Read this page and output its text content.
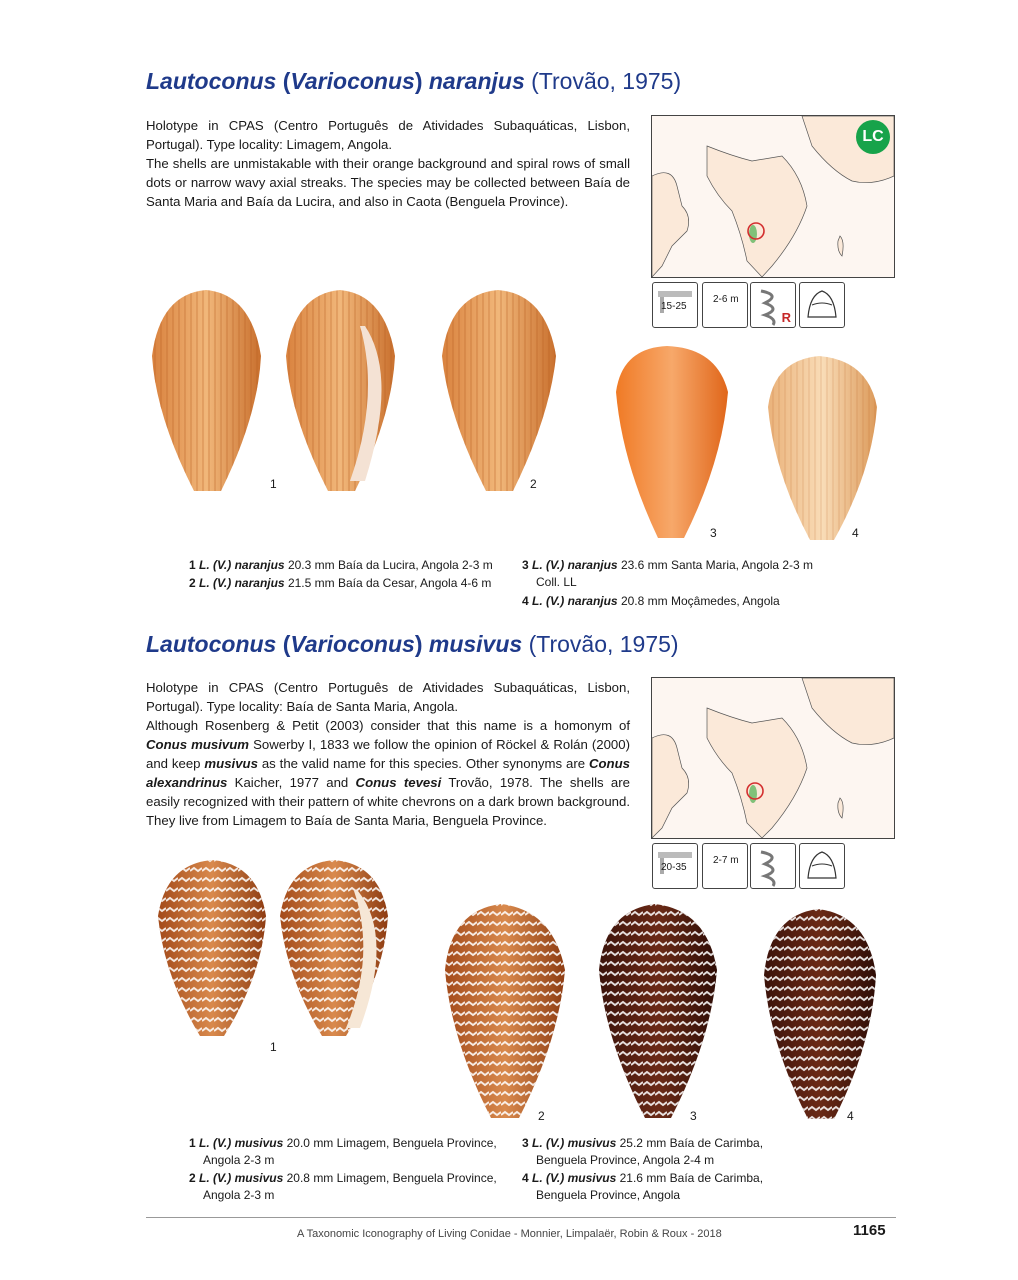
Lautoconus (Varioconus) naranjus (Trovão, 1975)

Holotype in CPAS (Centro Português de Atividades Subaquáticas, Lisbon, Portugal). Type locality: Limagem, Angola.

The shells are unmistakable with their orange background and spiral rows of small dots or narrow wavy axial streaks. The species may be collected between Baía de Santa Maria and Baía da Lucira, and also in Caota (Benguela Province).

LC
15-25
2-6 m
R
1	2
3	4
1 L. (V.) naranjus 20.3 mm Baía da Lucira, Angola 2-3 m
2 L. (V.) naranjus 21.5 mm Baía da Cesar, Angola 4-6 m
3 L. (V.) naranjus 23.6 mm Santa Maria, Angola 2-3 m
Coll. LL
4 L. (V.) naranjus 20.8 mm Moçâmedes, Angola
Lautoconus (Varioconus) musivus (Trovão, 1975)

Holotype in CPAS (Centro Português de Atividades Subaquáticas, Lisbon, Portugal). Type locality: Baía de Santa Maria, Angola.

Although Rosenberg & Petit (2003) consider that this name is a homonym of Conus musivum Sowerby I, 1833 we follow the opinion of Röckel & Rolán (2000) and keep musivus as the valid name for this species. Other synonyms are Conus alexandrinus Kaicher, 1977 and Conus tevesi Trovão, 1978. The shells are easily recognized with their pattern of white chevrons on a dark brown background. They live from Limagem to Baía de Santa Maria, Benguela Province.

20-35
2-7 m
1
2	3	4
1 L. (V.) musivus 20.0 mm Limagem, Benguela Province,
Angola 2-3 m
2 L. (V.) musivus 20.8 mm Limagem, Benguela Province,
Angola 2-3 m
3 L. (V.) musivus 25.2 mm Baía de Carimba,
Benguela Province, Angola 2-4 m
4 L. (V.) musivus 21.6 mm Baía de Carimba,
Benguela Province, Angola
A Taxonomic Iconography of Living Conidae - Monnier, Limpalaër, Robin & Roux - 2018	1165
